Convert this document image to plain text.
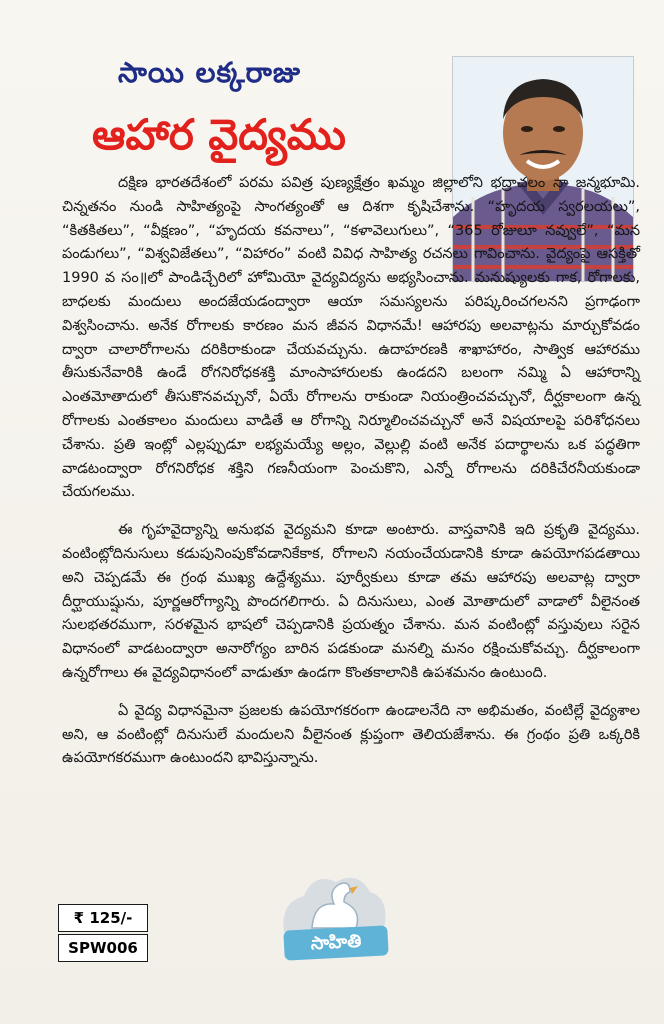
సాయి లక్కరాజు
ఆహార వైద్యము

దక్షిణ భారతదేశంలో పరమ పవిత్ర పుణ్యక్షేత్రం ఖమ్మం జిల్లాలోని భద్రాచలం నా జన్మభూమి. చిన్నతనం నుండి సాహిత్యంపై సాంగత్యంతో ఆ దిశగా కృషిచేశాను. “హృదయ స్వరలయలు”, “కితకితలు”, “వీక్షణం”, “హృదయ కవనాలు”, “కళావెలుగులు”, “365 రోజులూ నవ్వులే”, “మన పండుగలు”, “విశ్వవిజేతలు”, “విహారం” వంటి వివిధ సాహిత్య రచనలు గావించాను. వైద్యంపై ఆసక్తితో 1990 వ సం॥లో పాండిచ్చేరిలో హోమియో వైద్యవిద్యను అభ్యసించాను. మనుష్యులకు గాక, రోగాలకు, బాధలకు మందులు అందజేయడంద్వారా ఆయా సమస్యలను పరిష్కరించగలనని ప్రగాఢంగా విశ్వసించాను. అనేక రోగాలకు కారణం మన జీవన విధానమే! ఆహారపు అలవాట్లను మార్చుకోవడం ద్వారా చాలారోగాలను దరికిరాకుండా చేయవచ్చును. ఉదాహరణకి శాఖాహారం, సాత్విక ఆహారము తీసుకునేవారికి ఉండే రోగనిరోధకశక్తి మాంసాహారులకు ఉండదని బలంగా నమ్మి ఏ ఆహారాన్ని ఎంతమోతాదులో తీసుకొనవచ్చునో, ఏయే రోగాలను రాకుండా నియంత్రించవచ్చునో, దీర్ఘకాలంగా ఉన్న రోగాలకు ఎంతకాలం మందులు వాడితే ఆ రోగాన్ని నిర్మూలించవచ్చునో అనే విషయాలపై పరిశోధనలు చేశాను. ప్రతి ఇంట్లో ఎల్లప్పుడూ లభ్యమయ్యే అల్లం, వెల్లుల్లి వంటి అనేక పదార్థాలను ఒక పద్ధతిగా వాడటంద్వారా రోగనిరోధక శక్తిని గణనీయంగా పెంచుకొని, ఎన్నో రోగాలను దరికిచేరనీయకుండా చేయగలము.

ఈ గృహవైద్యాన్ని అనుభవ వైద్యమని కూడా అంటారు. వాస్తవానికి ఇది ప్రకృతి వైద్యము. వంటింట్లోదినుసులు కడుపునింపుకోవడానికేకాక, రోగాలని నయంచేయడానికి కూడా ఉపయోగపడతాయి అని చెప్పడమే ఈ గ్రంథ ముఖ్య ఉద్దేశ్యము. పూర్వీకులు కూడా తమ ఆహారపు అలవాట్ల ద్వారా దీర్ఘాయుష్షును, పూర్ణఆరోగ్యాన్ని పొందగలిగారు. ఏ దినుసులు, ఎంత మోతాదులో వాడాలో వీలైనంత సులభతరముగా, సరళమైన భాషలో చెప్పడానికి ప్రయత్నం చేశాను. మన వంటింట్లో వస్తువులు సరైన విధానంలో వాడటంద్వారా అనారోగ్యం బారిన పడకుండా మనల్ని మనం రక్షించుకోవచ్చు. దీర్ఘకాలంగా ఉన్నరోగాలు ఈ వైద్యవిధానంలో వాడుతూ ఉండగా కొంతకాలానికి ఉపశమనం ఉంటుంది.

ఏ వైద్య విధానమైనా ప్రజలకు ఉపయోగకరంగా ఉండాలనేది నా అభిమతం, వంటిల్లే వైద్యశాల అని, ఆ వంటింట్లో దినుసులే మందులని వీలైనంత క్లుప్తంగా తెలియజేశాను. ఈ గ్రంథం ప్రతి ఒక్కరికి ఉపయోగకరముగా ఉంటుందని భావిస్తున్నాను.

₹ 125/-
SPW006	సాహితి
